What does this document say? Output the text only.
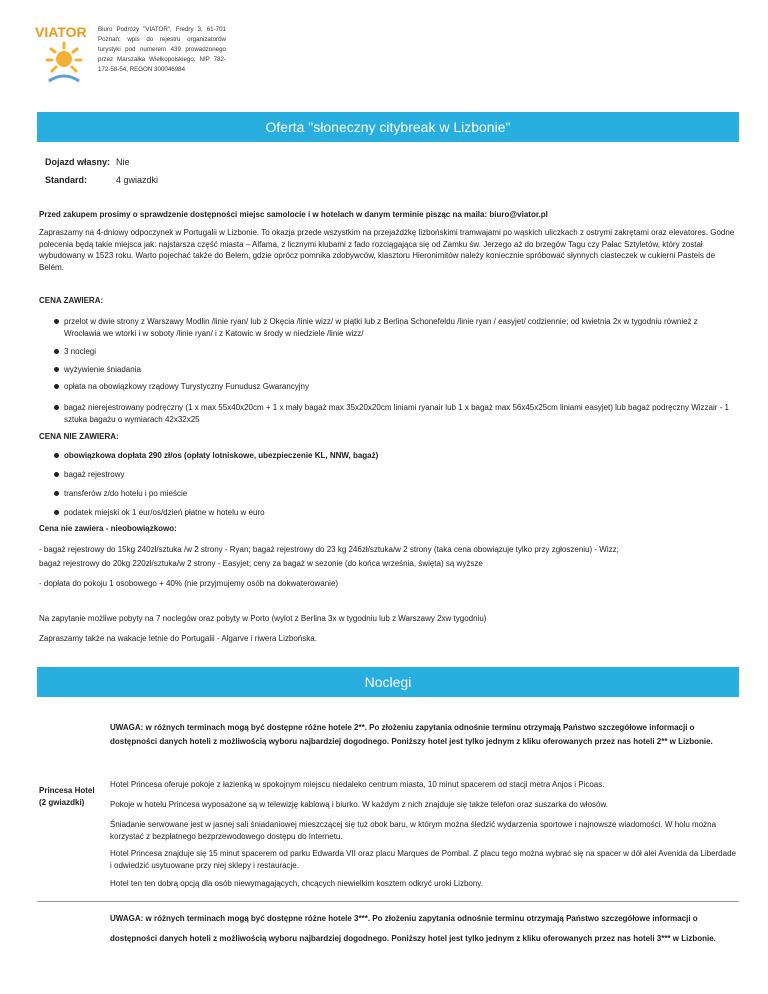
VIATOR Biuro Podróży "VIATOR", Fredry 3, 61-701 Poznań; wpis do rejestru organizatorów turystyki pod numerem 439 prowadzonego przez Marszałka Wielkopolskiego; NIP 782-172-58-54, REGON 300046984
Oferta "słoneczny citybreak w Lizbonie"
Dojazd własny: Nie
Standard:	4 gwiazdki
Przed zakupem prosimy o sprawdzenie dostępności miejsc samolocie i w hotelach w danym terminie pisząc na maila: biuro@viator.pl
Zapraszamy na 4-dniowy odpoczynek w Portugalii w Lizbonie. To okazja przede wszystkim na przejażdżkę lizbońskimi tramwajami po wąskich uliczkach z ostrymi zakrętami oraz elevatores. Godne polecenia będą takie miejsca jak: najstarsza część miasta – Alfama, z licznymi klubami z fado rozciągająca się od Zamku św. Jerzego aż do brzegów Tagu czy Pałac Sztyletów, który został wybudowany w 1523 roku. Warto pojechać także do Belem, gdzie oprócz pomnika zdobywców, klasztoru Hieronimitów należy koniecznie spróbować słynnych ciasteczek w cukierni Pasteis de Belém.
CENA ZAWIERA:
przelot w dwie strony z Warszawy Modlin /linie ryan/ lub z Okęcia /linie wizz/ w piątki lub z Berlina Schonefeldu /linie ryan / easyjet/ codziennie; od kwietnia 2x w tygodniu również z Wrocławia we wtorki i w soboty /linie ryan/ i z Katowic w środy w niedziele /linie wizz/
3 noclegi
wyżywienie śniadania
opłata na obowiązkowy rządowy Turystyczny Funudusz Gwarancyjny
bagaż nierejestrowany podręczny (1 x max 55x40x20cm + 1 x mały bagaż max 35x20x20cm liniami ryanair lub 1 x bagaż max 56x45x25cm liniami easyjet) lub bagaż podręczny Wizzair - 1 sztuka bagażu o wymiarach 42x32x25
CENA NIE ZAWIERA:
obowiązkowa dopłata 290 zł/os (opłaty lotniskowe, ubezpieczenie KL, NNW, bagaż)
bagaż rejestrowy
transferów z/do hotelu i po mieście
podatek miejski ok 1 eur/os/dzień płatne w hotelu w euro
Cena nie zawiera - nieobowiązkowo:
- bagaż rejestrowy do 15kg 240zł/sztuka /w 2 strony - Ryan; bagaż rejestrowy do 23 kg 246zł/sztuka/w 2 strony (taka cena obowiązuje tylko przy zgłoszeniu) - Wizz;
bagaż rejestrowy do 20kg 220zł/sztuka/w 2 strony - Easyjet; ceny za bagaż w sezonie (do końca września, święta) są wyższe
- dopłata do pokoju 1 osobowego + 40% (nie przyjmujemy osób na dokwaterowanie)
Na zapytanie możliwe pobyty na 7 noclegów oraz pobyty w Porto (wylot z Berlina 3x w tygodniu lub z Warszawy 2xw tygodniu)
Zapraszamy także na wakacje letnie do Portugalii - Algarve i riwera Lizbońska.
Noclegi
UWAGA: w różnych terminach mogą być dostępne różne hotele 2**. Po złożeniu zapytania odnośnie terminu otrzymają Państwo szczegółowe informacji o dostępności danych hoteli z możliwością wyboru najbardziej dogodnego. Poniższy hotel jest tylko jednym z kliku oferowanych przez nas hoteli 2** w Lizbonie.
Princesa Hotel (2 gwiazdki)
Hotel Princesa oferuje pokoje z łazienką w spokojnym miejscu niedaleko centrum miasta, 10 minut spacerem od stacji metra Anjos i Picoas.
Pokoje w hotelu Princesa wyposażone są w telewizję kablową i biurko. W każdym z nich znajduje się także telefon oraz suszarka do włosów.
Śniadanie serwowane jest w jasnej sali śniadaniowej mieszczącej się tuż obok baru, w którym można śledzić wydarzenia sportowe i najnowsze wiadomości. W holu można korzystać z bezpłatnego bezprzewodowego dostępu do Internetu.
Hotel Princesa znajduje się 15 minut spacerem od parku Edwarda VII oraz placu Marques de Pombal. Z placu tego można wybrać się na spacer w dół alei Avenida da Liberdade i odwiedzić usytuowane przy niej sklepy i restauracje.
Hotel ten ten dobrą opcją dla osób niewymagających, chcących niewielkim kosztem odkryć uroki Lizbony.
UWAGA: w różnych terminach mogą być dostępne różne hotele 3***. Po złożeniu zapytania odnośnie terminu otrzymają Państwo szczegółowe informacji o dostępności danych hoteli z możliwością wyboru najbardziej dogodnego. Poniższy hotel jest tylko jednym z kliku oferowanych przez nas hoteli 3*** w Lizbonie.
